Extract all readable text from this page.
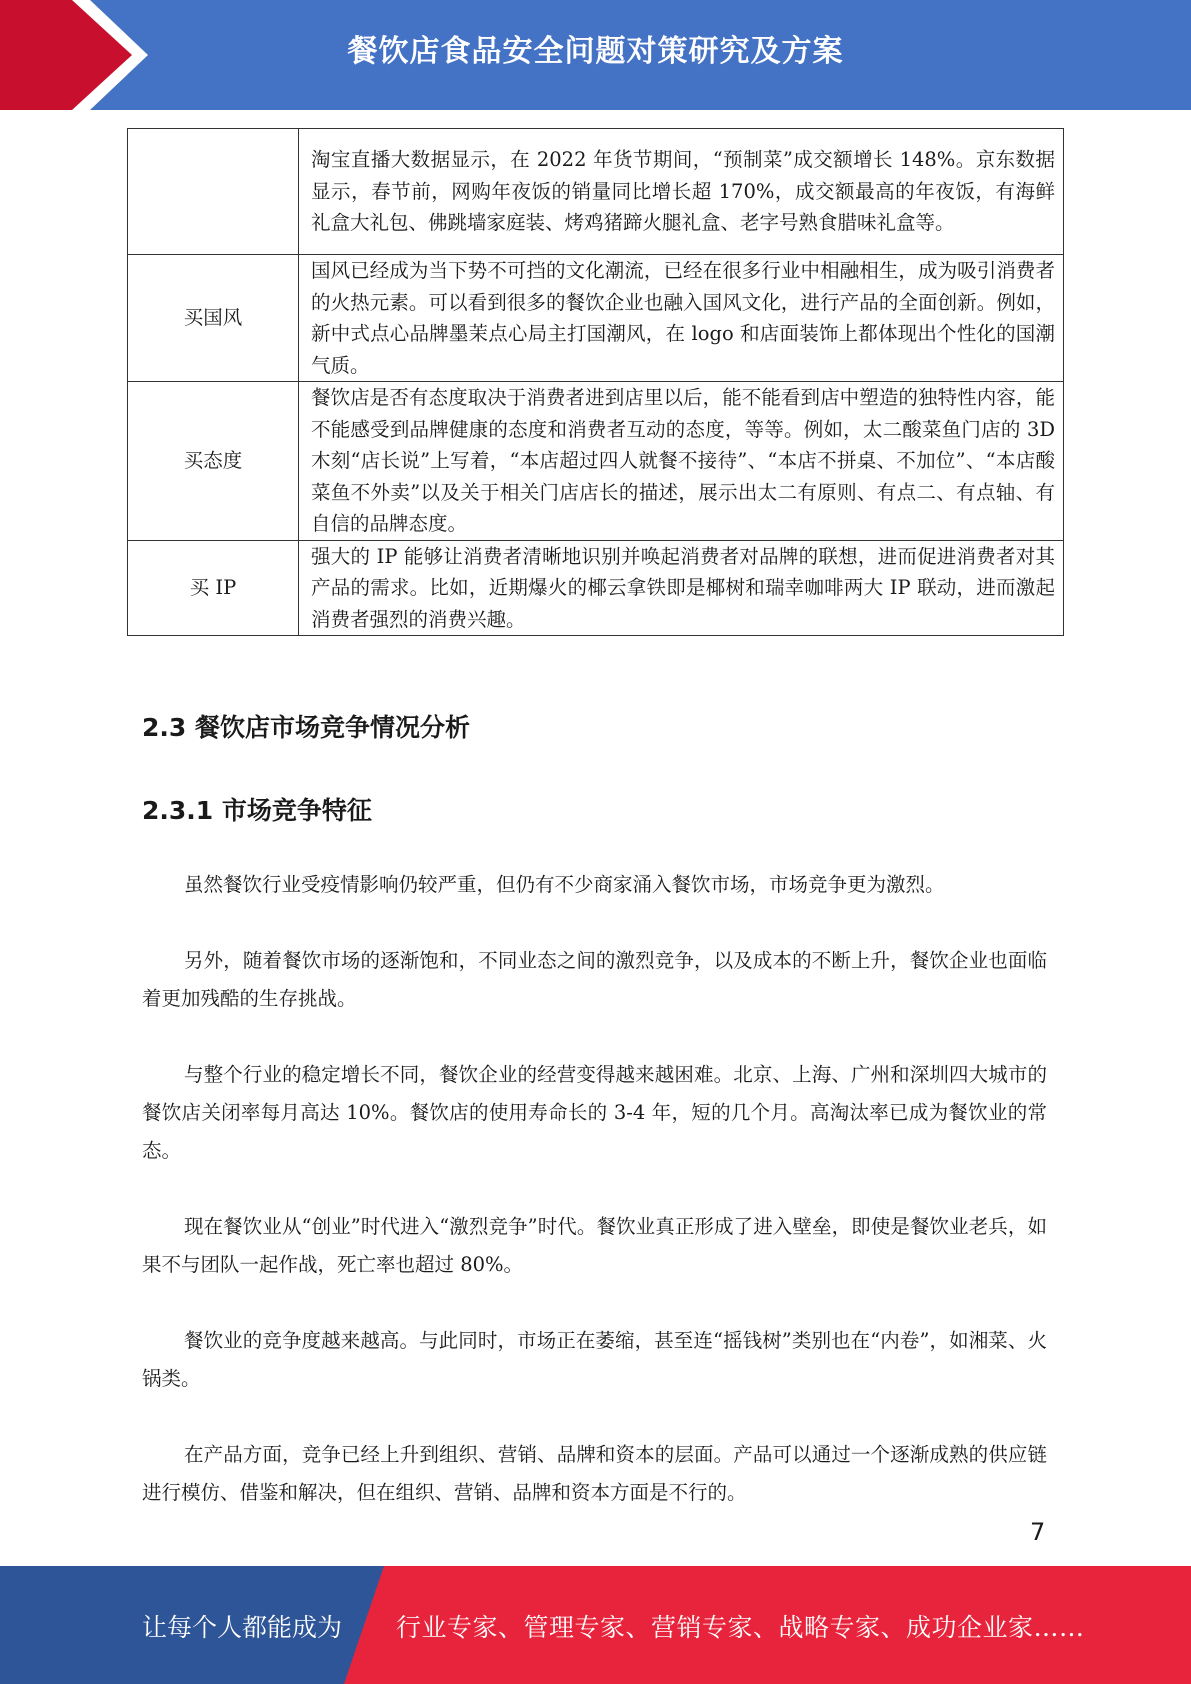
餐饮店食品安全问题对策研究及方案
	淘宝直播大数据显示，在 2022 年货节期间，“预制菜”成交额增长 148%。京东数据显示，春节前，网购年夜饭的销量同比增长超 170%，成交额最高的年夜饭，有海鲜礼盒大礼包、佛跳墙家庭装、烤鸡猪蹄火腿礼盒、老字号熟食腊味礼盒等。
买国风	国风已经成为当下势不可挡的文化潮流，已经在很多行业中相融相生，成为吸引消费者的火热元素。可以看到很多的餐饮企业也融入国风文化，进行产品的全面创新。例如，新中式点心品牌墨茉点心局主打国潮风，在 logo 和店面装饰上都体现出个性化的国潮气质。
买态度	餐饮店是否有态度取决于消费者进到店里以后，能不能看到店中塑造的独特性内容，能不能感受到品牌健康的态度和消费者互动的态度，等等。例如，太二酸菜鱼门店的 3D 木刻“店长说”上写着，“本店超过四人就餐不接待”、“本店不拼桌、不加位”、“本店酸菜鱼不外卖”以及关于相关门店店长的描述，展示出太二有原则、有点二、有点轴、有自信的品牌态度。
买 IP	强大的 IP 能够让消费者清晰地识别并唤起消费者对品牌的联想，进而促进消费者对其产品的需求。比如，近期爆火的椰云拿铁即是椰树和瑞幸咖啡两大 IP 联动，进而激起消费者强烈的消费兴趣。
2.3 餐饮店市场竞争情况分析
2.3.1 市场竞争特征

虽然餐饮行业受疫情影响仍较严重，但仍有不少商家涌入餐饮市场，市场竞争更为激烈。

另外，随着餐饮市场的逐渐饱和，不同业态之间的激烈竞争，以及成本的不断上升，餐饮企业也面临着更加残酷的生存挑战。

与整个行业的稳定增长不同，餐饮企业的经营变得越来越困难。北京、上海、广州和深圳四大城市的餐饮店关闭率每月高达 10%。餐饮店的使用寿命长的 3-4 年，短的几个月。高淘汰率已成为餐饮业的常态。

现在餐饮业从“创业”时代进入“激烈竞争”时代。餐饮业真正形成了进入壁垒，即使是餐饮业老兵，如果不与团队一起作战，死亡率也超过 80%。

餐饮业的竞争度越来越高。与此同时，市场正在萎缩，甚至连“摇钱树”类别也在“内卷”，如湘菜、火锅类。

在产品方面，竞争已经上升到组织、营销、品牌和资本的层面。产品可以通过一个逐渐成熟的供应链进行模仿、借鉴和解决，但在组织、营销、品牌和资本方面是不行的。

7
让每个人都能成为 行业专家、管理专家、营销专家、战略专家、成功企业家……
